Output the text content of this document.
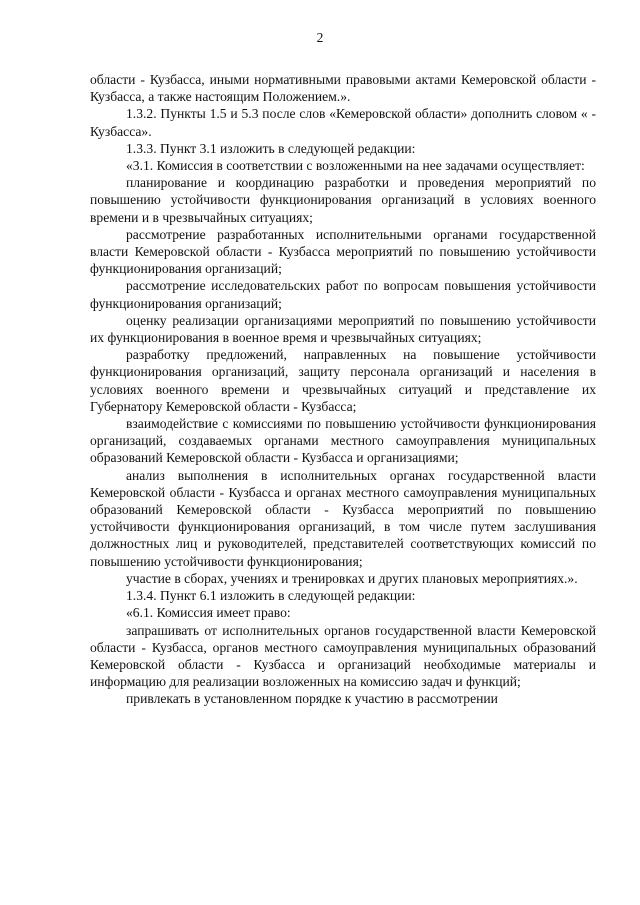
2

области - Кузбасса, иными нормативными правовыми актами Кемеровской области - Кузбасса, а также настоящим Положением.».

1.3.2. Пункты 1.5 и 5.3 после слов «Кемеровской области» дополнить словом « - Кузбасса».

1.3.3. Пункт 3.1 изложить в следующей редакции:

«3.1. Комиссия в соответствии с возложенными на нее задачами осуществляет:

планирование и координацию разработки и проведения мероприятий по повышению устойчивости функционирования организаций в условиях военного времени и в чрезвычайных ситуациях;

рассмотрение разработанных исполнительными органами государственной власти Кемеровской области - Кузбасса мероприятий по повышению устойчивости функционирования организаций;

рассмотрение исследовательских работ по вопросам повышения устойчивости функционирования организаций;

оценку реализации организациями мероприятий по повышению устойчивости их функционирования в военное время и чрезвычайных ситуациях;

разработку предложений, направленных на повышение устойчивости функционирования организаций, защиту персонала организаций и населения в условиях военного времени и чрезвычайных ситуаций и представление их Губернатору Кемеровской области - Кузбасса;

взаимодействие с комиссиями по повышению устойчивости функционирования организаций, создаваемых органами местного самоуправления муниципальных образований Кемеровской области - Кузбасса и организациями;

анализ выполнения в исполнительных органах государственной власти Кемеровской области - Кузбасса и органах местного самоуправления муниципальных образований Кемеровской области - Кузбасса мероприятий по повышению устойчивости функционирования организаций, в том числе путем заслушивания должностных лиц и руководителей, представителей соответствующих комиссий по повышению устойчивости функционирования;

участие в сборах, учениях и тренировках и других плановых мероприятиях.».

1.3.4. Пункт 6.1 изложить в следующей редакции:

«6.1. Комиссия имеет право:

запрашивать от исполнительных органов государственной власти Кемеровской области - Кузбасса, органов местного самоуправления муниципальных образований Кемеровской области - Кузбасса и организаций необходимые материалы и информацию для реализации возложенных на комиссию задач и функций;

привлекать в установленном порядке к участию в рассмотрении
